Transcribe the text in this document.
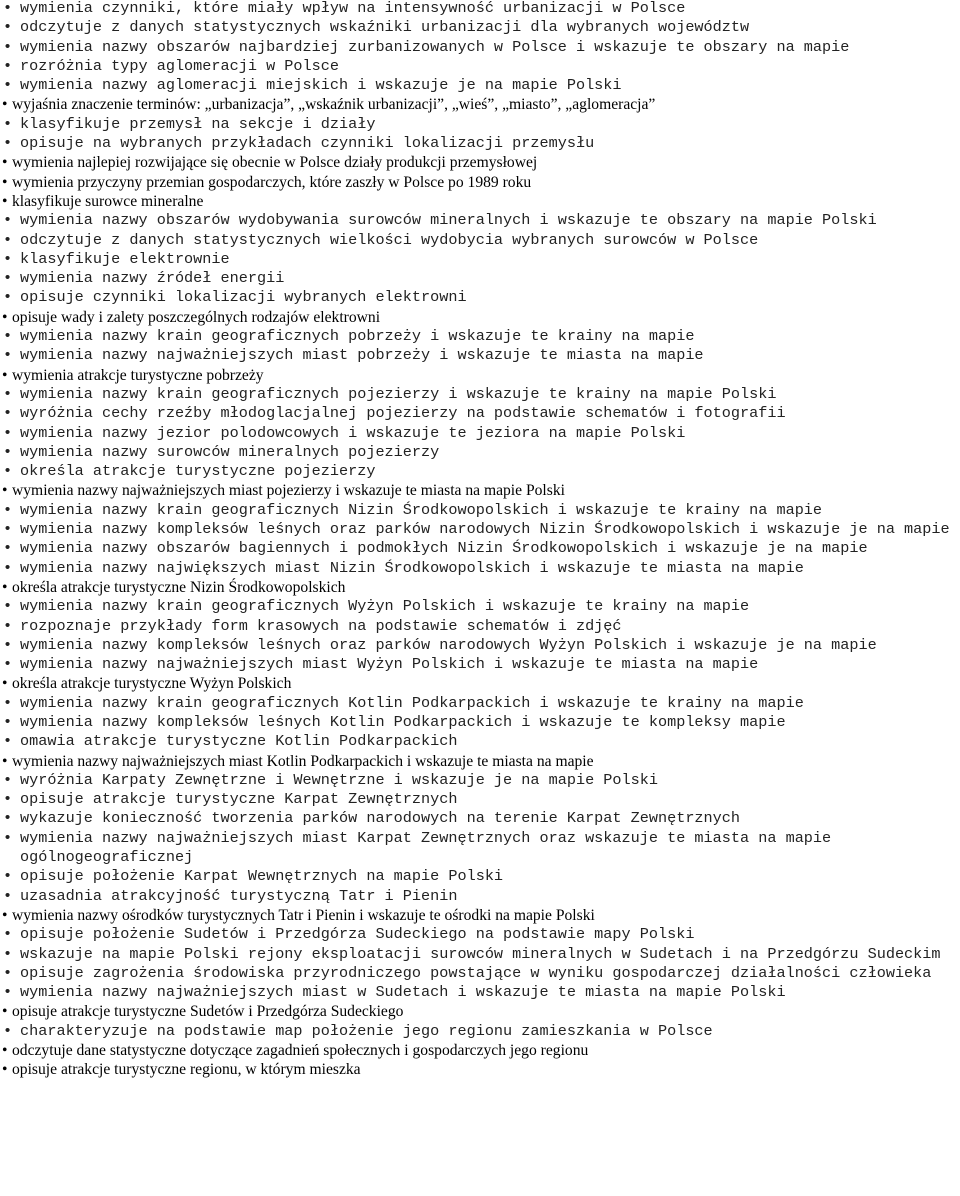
• wymienia czynniki, które miały wpływ na intensywność urbanizacji w Polsce
• odczytuje z danych statystycznych wskaźniki urbanizacji dla wybranych województw
• wymienia nazwy obszarów najbardziej zurbanizowanych w Polsce i wskazuje te obszary na mapie
• rozróżnia typy aglomeracji w Polsce
• wymienia nazwy aglomeracji miejskich i wskazuje je na mapie Polski
• wyjaśnia znaczenie terminów: „urbanizacja”, „wskaźnik urbanizacji”, „wieś”, „miasto”, „aglomeracja”
• klasyfikuje przemysł na sekcje i działy
• opisuje na wybranych przykładach czynniki lokalizacji przemysłu
• wymienia najlepiej rozwijające się obecnie w Polsce działy produkcji przemysłowej
• wymienia przyczyny przemian gospodarczych, które zaszły w Polsce po 1989 roku
• klasyfikuje surowce mineralne
• wymienia nazwy obszarów wydobywania surowców mineralnych i wskazuje te obszary na mapie Polski
• odczytuje z danych statystycznych wielkości wydobycia wybranych surowców w Polsce
• klasyfikuje elektrownie
• wymienia nazwy źródeł energii
• opisuje czynniki lokalizacji wybranych elektrowni
• opisuje wady i zalety poszczególnych rodzajów elektrowni
• wymienia nazwy krain geograficznych pobrzeży i wskazuje te krainy na mapie
• wymienia nazwy najważniejszych miast pobrzeży i wskazuje te miasta na mapie
• wymienia atrakcje turystyczne pobrzeży
• wymienia nazwy krain geograficznych pojezierzy i wskazuje te krainy na mapie Polski
• wyróżnia cechy rzeźby młodoglacjalnej pojezierzy na podstawie schematów i fotografii
• wymienia nazwy jezior polodowcowych i wskazuje te jeziora na mapie Polski
• wymienia nazwy surowców mineralnych pojezierzy
• określa atrakcje turystyczne pojezierzy
• wymienia nazwy najważniejszych miast pojezierzy i wskazuje te miasta na mapie Polski
• wymienia nazwy krain geograficznych Nizin Środkowopolskich i wskazuje te krainy na mapie
• wymienia nazwy kompleksów leśnych oraz parków narodowych Nizin Środkowopolskich i wskazuje je na mapie
• wymienia nazwy obszarów bagiennych i podmokłych Nizin Środkowopolskich i wskazuje je na mapie
• wymienia nazwy największych miast Nizin Środkowopolskich i wskazuje te miasta na mapie
• określa atrakcje turystyczne Nizin Środkowopolskich
• wymienia nazwy krain geograficznych Wyżyn Polskich i wskazuje te krainy na mapie
• rozpoznaje przykłady form krasowych na podstawie schematów i zdjęć
• wymienia nazwy kompleksów leśnych oraz parków narodowych Wyżyn Polskich i wskazuje je na mapie
• wymienia nazwy najważniejszych miast Wyżyn Polskich i wskazuje te miasta na mapie
• określa atrakcje turystyczne Wyżyn Polskich
• wymienia nazwy krain geograficznych Kotlin Podkarpackich i wskazuje te krainy na mapie
• wymienia nazwy kompleksów leśnych Kotlin Podkarpackich i wskazuje te kompleksy mapie
• omawia atrakcje turystyczne Kotlin Podkarpackich
• wymienia nazwy najważniejszych miast Kotlin Podkarpackich i wskazuje te miasta na mapie
• wyróżnia Karpaty Zewnętrzne i Wewnętrzne i wskazuje je na mapie Polski
• opisuje atrakcje turystyczne Karpat Zewnętrznych
• wykazuje konieczność tworzenia parków narodowych na terenie Karpat Zewnętrznych
• wymienia nazwy najważniejszych miast Karpat Zewnętrznych oraz wskazuje te miasta na mapie ogólnogeograficznej
• opisuje położenie Karpat Wewnętrznych na mapie Polski
• uzasadnia atrakcyjność turystyczną Tatr i Pienin
• wymienia nazwy ośrodków turystycznych Tatr i Pienin i wskazuje te ośrodki na mapie Polski
• opisuje położenie Sudetów i Przedgórza Sudeckiego na podstawie mapy Polski
• wskazuje na mapie Polski rejony eksploatacji surowców mineralnych w Sudetach i na Przedgórzu Sudeckim
• opisuje zagrożenia środowiska przyrodniczego powstające w wyniku gospodarczej działalności człowieka
• wymienia nazwy najważniejszych miast w Sudetach i wskazuje te miasta na mapie Polski
• opisuje atrakcje turystyczne Sudetów i Przedgórza Sudeckiego
• charakteryzuje na podstawie map położenie jego regionu zamieszkania w Polsce
• odczytuje dane statystyczne dotyczące zagadnień społecznych i gospodarczych jego regionu
• opisuje atrakcje turystyczne regionu, w którym mieszka
